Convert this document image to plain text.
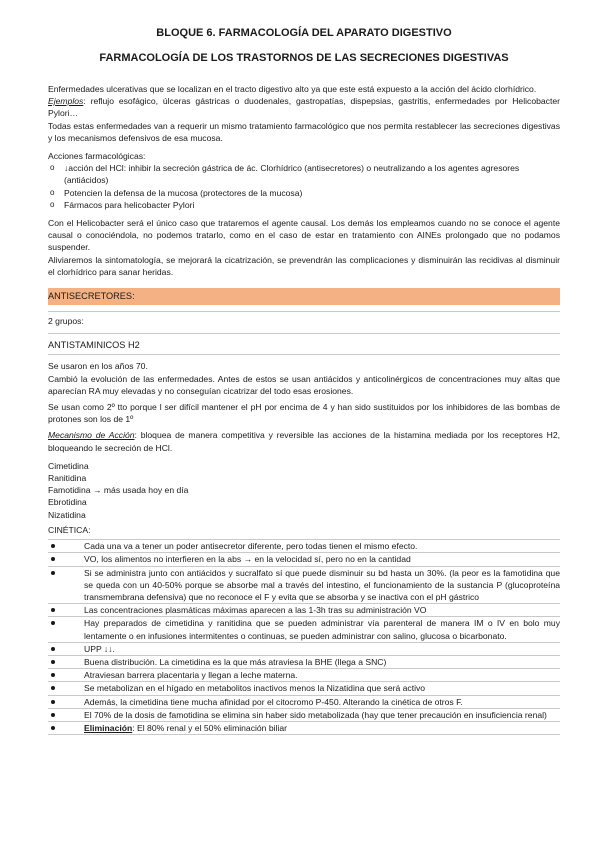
BLOQUE 6. FARMACOLOGÍA DEL APARATO DIGESTIVO
FARMACOLOGÍA DE LOS TRASTORNOS DE LAS SECRECIONES DIGESTIVAS

Enfermedades ulcerativas que se localizan en el tracto digestivo alto ya que este está expuesto a la acción del ácido clorhídrico.

Ejemplos: reflujo esofágico, úlceras gástricas o duodenales, gastropatías, dispepsias, gastritis, enfermedades por Helicobacter Pylori…

Todas estas enfermedades van a requerir un mismo tratamiento farmacológico que nos permita restablecer las secreciones digestivas y los mecanismos defensivos de esa mucosa.

Acciones farmacológicas:

o ↓acción del HCl: inhibir la secreción gástrica de ác. Clorhídrico (antisecretores) o neutralizando a los agentes agresores (antiácidos)
o Potencien la defensa de la mucosa (protectores de la mucosa)
o Fármacos para helicobacter Pylori

Con el Helicobacter será el único caso que trataremos el agente causal. Los demás los empleamos cuando no se conoce el agente causal o conociéndola, no podemos tratarlo, como en el caso de estar en tratamiento con AINEs prolongado que no podamos suspender.

Aliviaremos la sintomatología, se mejorará la cicatrización, se prevendrán las complicaciones y disminuirán las recidivas al disminuir el clorhídrico para sanar heridas.

ANTISECRETORES:

2 grupos:

ANTISTAMINICOS H2

Se usaron en los años 70.

Cambió la evolución de las enfermedades. Antes de estos se usan antiácidos y anticolinérgicos de concentraciones muy altas que aparecían RA muy elevadas y no conseguían cicatrizar del todo esas erosiones.

Se usan como 2º tto porque l ser difícil mantener el pH por encima de 4 y han sido sustituidos por los inhibidores de las bombas de protones son los de 1º

Mecanismo de Acción: bloquea de manera competitiva y reversible las acciones de la histamina mediada por los receptores H2, bloqueando le secreción de HCl.

Cimetidina

Ranitidina

Famotidina → más usada hoy en día

Ebrotidina

Nizatidina

CINÉTICA:

Cada una va a tener un poder antisecretor diferente, pero todas tienen el mismo efecto.
VO, los alimentos no interfieren en la abs → en la velocidad sí, pero no en la cantidad
Si se administra junto con antiácidos y sucralfato sí que puede disminuir su bd hasta un 30%. (la peor es la famotidina que se queda con un 40-50% porque se absorbe mal a través del intestino, el funcionamiento de la sustancia P (glucoproteína transmembrana defensiva) que no reconoce el F y evita que se absorba y se inactiva con el pH gástrico
Las concentraciones plasmáticas máximas aparecen a las 1-3h tras su administración VO
Hay preparados de cimetidina y ranitidina que se pueden administrar vía parenteral de manera IM o IV en bolo muy lentamente o en infusiones intermitentes o continuas, se pueden administrar con salino, glucosa o bicarbonato.
UPP ↓↓.
Buena distribución. La cimetidina es la que más atraviesa la BHE (llega a SNC)
Atraviesan barrera placentaria y llegan a leche materna.
Se metabolizan en el hígado en metabolitos inactivos menos la Nizatidina que será activo
Además, la cimetidina tiene mucha afinidad por el citocromo P-450. Alterando la cinética de otros F.
El 70% de la dosis de famotidina se elimina sin haber sido metabolizada (hay que tener precaución en insuficiencia renal)
Eliminación: El 80% renal y el 50% eliminación biliar
